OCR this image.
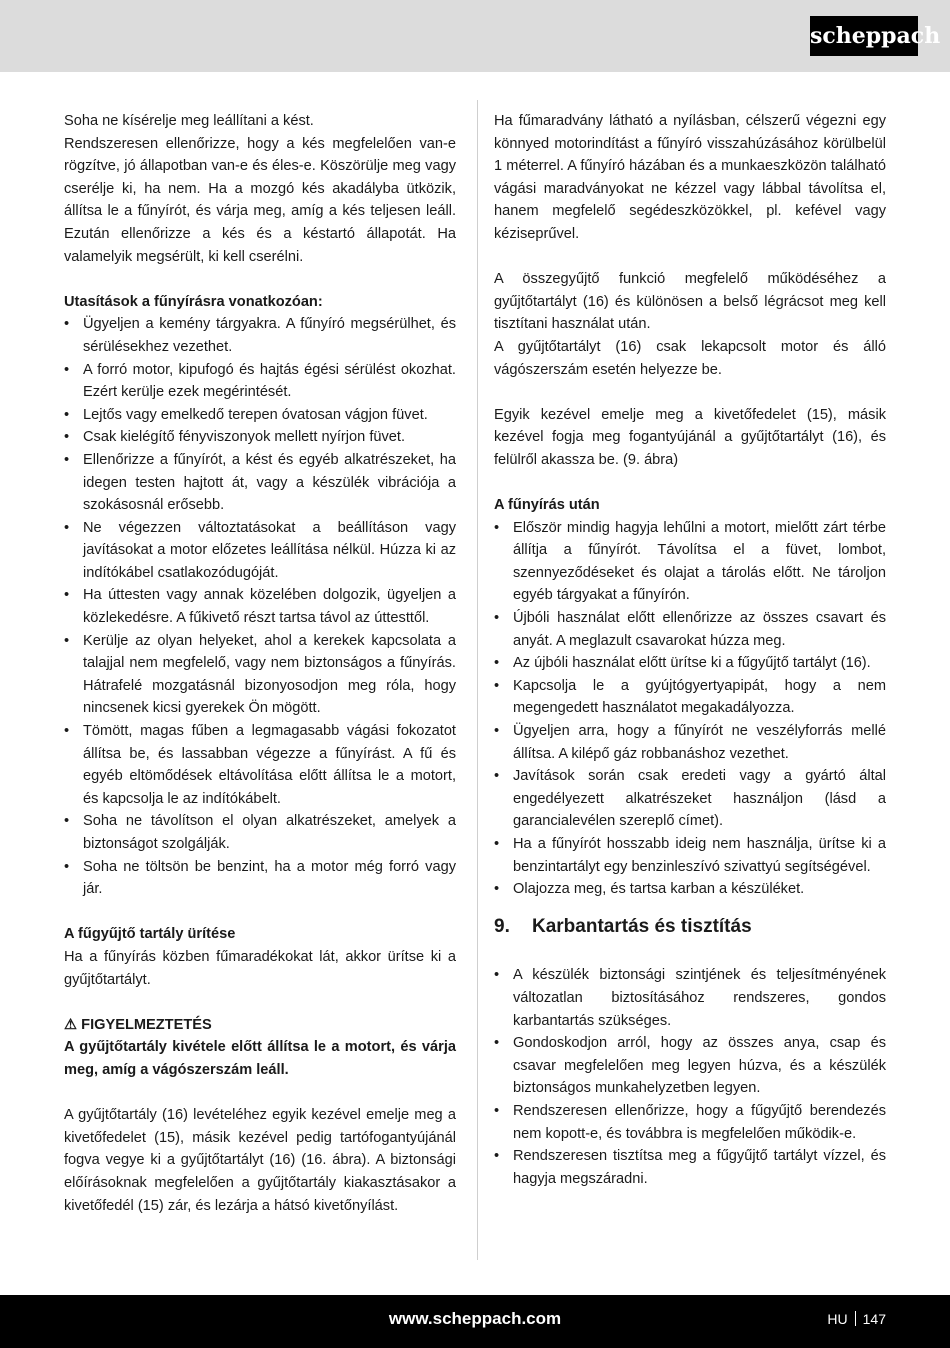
scheppach

Soha ne kísérelje meg leállítani a kést.

Rendszeresen ellenőrizze, hogy a kés megfelelően van-e rögzítve, jó állapotban van-e és éles-e. Köszörülje meg vagy cserélje ki, ha nem. Ha a mozgó kés akadályba ütközik, állítsa le a fűnyírót, és várja meg, amíg a kés teljesen leáll. Ezután ellenőrizze a kés és a késtartó állapotát. Ha valamelyik megsérült, ki kell cserélni.

Utasítások a fűnyírásra vonatkozóan:
• Ügyeljen a kemény tárgyakra. A fűnyíró megsérülhet, és sérülésekhez vezethet.
• A forró motor, kipufogó és hajtás égési sérülést okozhat. Ezért kerülje ezek megérintését.
• Lejtős vagy emelkedő terepen óvatosan vágjon füvet.
• Csak kielégítő fényviszonyok mellett nyírjon füvet.
• Ellenőrizze a fűnyírót, a kést és egyéb alkatrészeket, ha idegen testen hajtott át, vagy a készülék vibrációja a szokásosnál erősebb.
• Ne végezzen változtatásokat a beállításon vagy javításokat a motor előzetes leállítása nélkül. Húzza ki az indítókábel csatlakozódugóját.
• Ha úttesten vagy annak közelében dolgozik, ügyeljen a közlekedésre. A fűkivető részt tartsa távol az úttesttől.
• Kerülje az olyan helyeket, ahol a kerekek kapcsolata a talajjal nem megfelelő, vagy nem biztonságos a fűnyírás. Hátrafelé mozgatásnál bizonyosodjon meg róla, hogy nincsenek kicsi gyerekek Ön mögött.
• Tömött, magas fűben a legmagasabb vágási fokozatot állítsa be, és lassabban végezze a fűnyírást. A fű és egyéb eltömődések eltávolítása előtt állítsa le a motort, és kapcsolja le az indítókábelt.
• Soha ne távolítson el olyan alkatrészeket, amelyek a biztonságot szolgálják.
• Soha ne töltsön be benzint, ha a motor még forró vagy jár.
A fűgyűjtő tartály ürítése

Ha a fűnyírás közben fűmaradékokat lát, akkor ürítse ki a gyűjtőtartályt.

⚠ FIGYELMEZTETÉS

A gyűjtőtartály kivétele előtt állítsa le a motort, és várja meg, amíg a vágószerszám leáll.

A gyűjtőtartály (16) levételéhez egyik kezével emelje meg a kivetőfedelet (15), másik kezével pedig tartófogantyújánál fogva vegye ki a gyűjtőtartályt (16) (16. ábra). A biztonsági előírásoknak megfelelően a gyűjtőtartály kiakasztásakor a kivetőfedél (15) zár, és lezárja a hátsó kivetőnyílást.

Ha fűmaradvány látható a nyílásban, célszerű végezni egy könnyed motorindítást a fűnyíró visszahúzásához körülbelül 1 méterrel. A fűnyíró házában és a munkaeszközön található vágási maradványokat ne kézzel vagy lábbal távolítsa el, hanem megfelelő segédeszközökkel, pl. kefével vagy kéziseprűvel.

A összegyűjtő funkció megfelelő működéséhez a gyűjtőtartályt (16) és különösen a belső légrácsot meg kell tisztítani használat után.

A gyűjtőtartályt (16) csak lekapcsolt motor és álló vágószerszám esetén helyezze be.

Egyik kezével emelje meg a kivetőfedelet (15), másik kezével fogja meg fogantyújánál a gyűjtőtartályt (16), és felülről akassza be. (9. ábra)

A fűnyírás után
• Először mindig hagyja lehűlni a motort, mielőtt zárt térbe állítja a fűnyírót. Távolítsa el a füvet, lombot, szennyeződéseket és olajat a tárolás előtt. Ne tároljon egyéb tárgyakat a fűnyírón.
• Újbóli használat előtt ellenőrizze az összes csavart és anyát. A meglazult csavarokat húzza meg.
• Az újbóli használat előtt ürítse ki a fűgyűjtő tartályt (16).
• Kapcsolja le a gyújtógyertyapipát, hogy a nem megengedett használatot megakadályozza.
• Ügyeljen arra, hogy a fűnyírót ne veszélyforrás mellé állítsa. A kilépő gáz robbanáshoz vezethet.
• Javítások során csak eredeti vagy a gyártó által engedélyezett alkatrészeket használjon (lásd a garancialevélen szereplő címet).
• Ha a fűnyírót hosszabb ideig nem használja, ürítse ki a benzintartályt egy benzinleszívó szivattyú segítségével.
• Olajozza meg, és tartsa karban a készüléket.
9. Karbantartás és tisztítás
• A készülék biztonsági szintjének és teljesítményének változatlan biztosításához rendszeres, gondos karbantartás szükséges.
• Gondoskodjon arról, hogy az összes anya, csap és csavar megfelelően meg legyen húzva, és a készülék biztonságos munkahelyzetben legyen.
• Rendszeresen ellenőrizze, hogy a fűgyűjtő berendezés nem kopott-e, és továbbra is megfelelően működik-e.
• Rendszeresen tisztítsa meg a fűgyűjtő tartályt vízzel, és hagyja megszáradni.
www.scheppach.com	HU 147
